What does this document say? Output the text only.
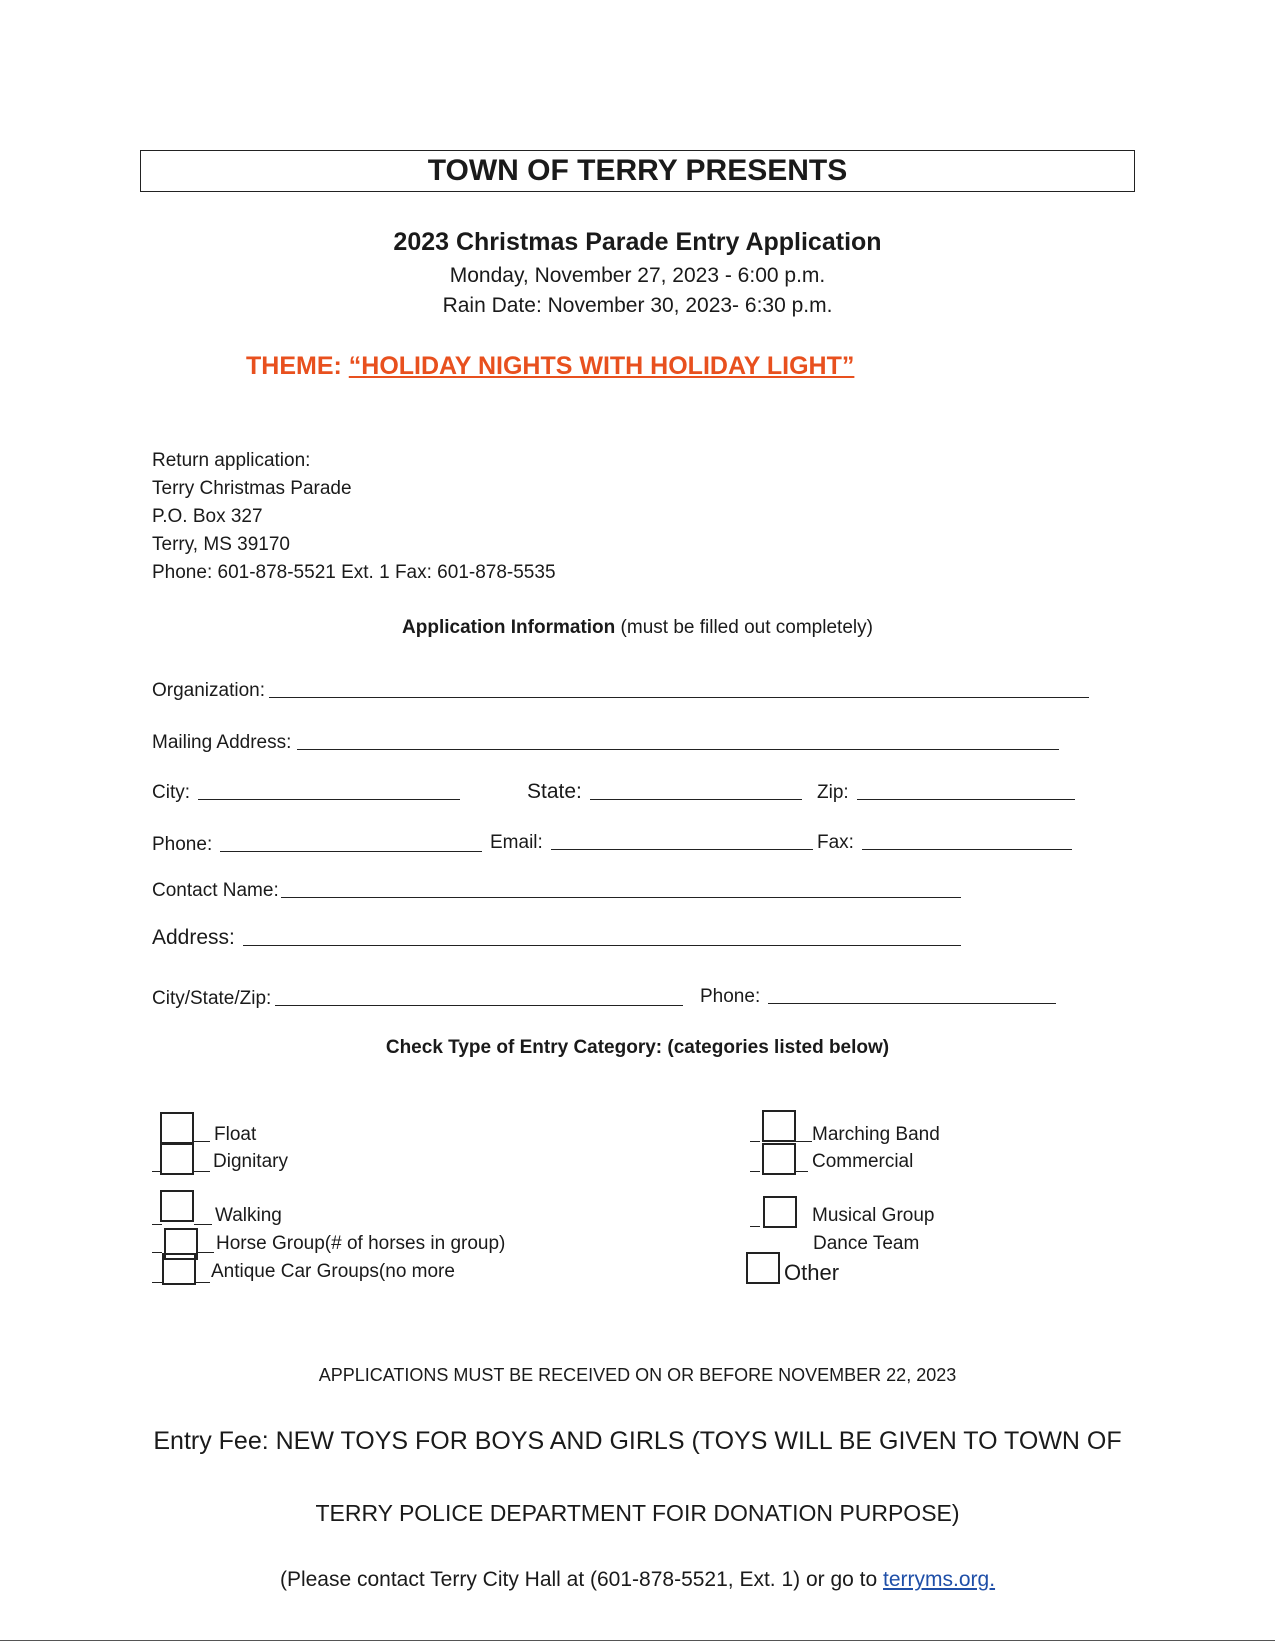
TOWN OF TERRY PRESENTS
2023 Christmas Parade Entry Application
Monday, November 27, 2023 - 6:00 p.m.
Rain Date: November 30, 2023- 6:30 p.m.
THEME: “HOLIDAY NIGHTS WITH HOLIDAY LIGHT”
Return application:
Terry Christmas Parade
P.O. Box 327
Terry, MS 39170
Phone: 601-878-5521 Ext. 1 Fax: 601-878-5535
Application Information (must be filled out completely)
Organization:
Mailing Address:
City:	State:	Zip:
Phone:	Email:	Fax:
Contact Name:
Address:
City/State/Zip:	Phone:
Check Type of Entry Category: (categories listed below)
Float
Dignitary
Walking
Horse Group(# of horses in group)
Antique Car Groups(no more
Marching Band
Commercial
Musical Group
Dance Team
Other
APPLICATIONS MUST BE RECEIVED ON OR BEFORE NOVEMBER 22, 2023
Entry Fee: NEW TOYS FOR BOYS AND GIRLS (TOYS WILL BE GIVEN TO TOWN OF
TERRY POLICE DEPARTMENT FOIR DONATION PURPOSE)
(Please contact Terry City Hall at (601-878-5521, Ext. 1) or go to terryms.org.
